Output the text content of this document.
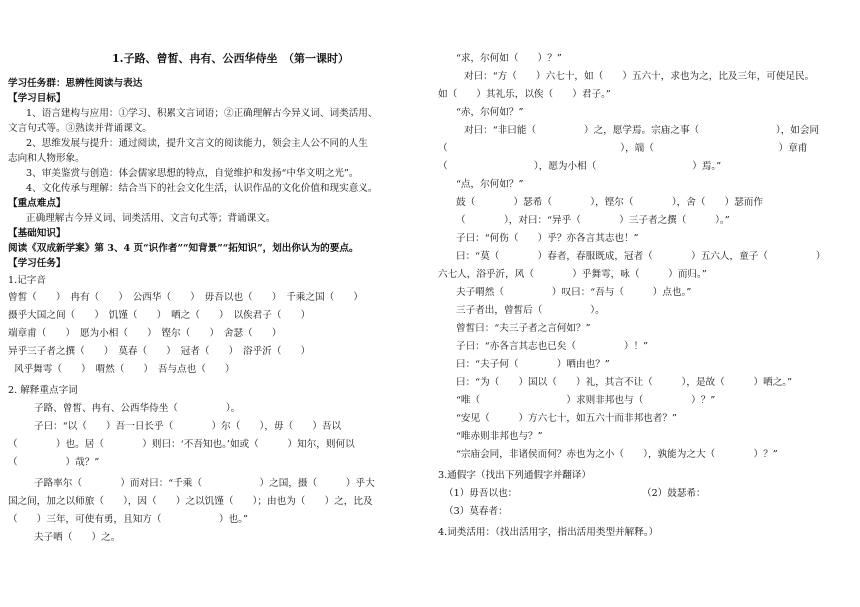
1.子路、曾皙、冉有、公西华侍坐　（第一课时）
学习任务群：思辨性阅读与表达
【学习目标】
1、语言建构与应用：①学习、积累文言词语；②正确理解古今异义词、词类活用、
文言句式等。③熟读并背诵课文。
2、思维发展与提升：通过阅读，提升文言文的阅读能力，领会主人公不同的人生
志向和人物形象。
3、审美鉴赏与创造：体会儒家思想的特点，自觉维护和发扬“中华文明之光”。
4、文化传承与理解：结合当下的社会文化生活，认识作品的文化价值和现实意义。
【重点难点】
正确理解古今异义词、词类活用、文言句式等；背诵课文。
【基础知识】
阅读《双成新学案》第 3、4 页“识作者”“知背景”“拓知识”，划出你认为的要点。
【学习任务】
1.记字音
曾皙（　　）　冉有（　　）　公西华（　　）　毋吾以也（　　）　千乘之国（　　）
摄乎大国之间（　　）　饥馑（　　）　哂之（　　）　以俟君子（　　）
端章甫（　　）　愿为小相（　　）　铿尔（　　）　舍瑟（　　）
异乎三子者之撰（　　）　莫春（　　）　冠者（　　）　浴乎沂（　　）
风乎舞雩（　　）　喟然（　　）　吾与点也（　　）
2. 解释重点字词
子路、曾皙、冉有、公西华侍坐（　　　　　）。
子曰：“以（　　）吾一日长乎（　　　　）尔（　　），毋（　　）吾以
（　　　　）也。居（　　　　）则曰：‘不吾知也。’如或（　　　）知尔，则何以
（　　　　　）哉？”
子路率尔（　　　　）而对曰：“千乘（　　　　　　）之国，摄（　　　）乎大
国之间，加之以师旅（　　），因（　　）之以饥馑（　　）；由也为（　　）之，比及
（　　）三年，可使有勇，且知方（　　　　　　）也。”
夫子哂（　　）之。
“求，尔何如（　　）？”
对曰：“方（　　）六七十，如（　　）五六十，求也为之，比及三年，可使足民。
如（　　）其礼乐，以俟（　　）君子。”
“赤，尔何如？”
对曰：“非曰能（　　　　　）之，愿学焉。宗庙之事（　　　　　　　　），如会同
（　　　　　　　　　　　　　　　　　　），端（　　　　　　　　　　　　　）章甫
（　　　　　　　　　），愿为小相（　　　　　　　　　　）焉。”
“点，尔何如？”
鼓（　　　　）瑟希（　　　　），铿尔（　　　　），舍（　　）瑟而作
（　　　　），对曰：“异乎（　　　　）三子者之撰（　　　）。”
子曰：“何伤（　　）乎？亦各言其志也！”
曰：“莫（　　　　）春者，春服既成，冠者（　　　　）五六人，童子（　　　　　）
六七人，浴乎沂，风（　　　　）乎舞雩，咏（　　　）而归。”
夫子喟然（　　　　　）叹曰：“吾与（　　　）点也。”
三子者出，曾皙后（　　　　　）。
曾皙曰：“夫三子者之言何如？”
子曰：“亦各言其志也已矣（　　　　　）！”
曰：“夫子何（　　　　）哂由也？”
曰：“为（　　）国以（　　）礼，其言不让（　　　），是故（　　　）哂之。”
“唯（　　　　　　　　　）求则非邦也与（　　　　　）？”
“安见（　　　）方六七十，如五六十而非邦也者？”
“唯赤则非邦也与？”
“宗庙会同，非诸侯而何？赤也为之小（　　），孰能为之大（　　　　）？”
3.通假字（找出下列通假字并翻译）
（1）毋吾以也：　　　　　　　　　　　　　　（2）鼓瑟希：
（3）莫春者：
4.词类活用：（找出活用字，指出活用类型并解释。）
